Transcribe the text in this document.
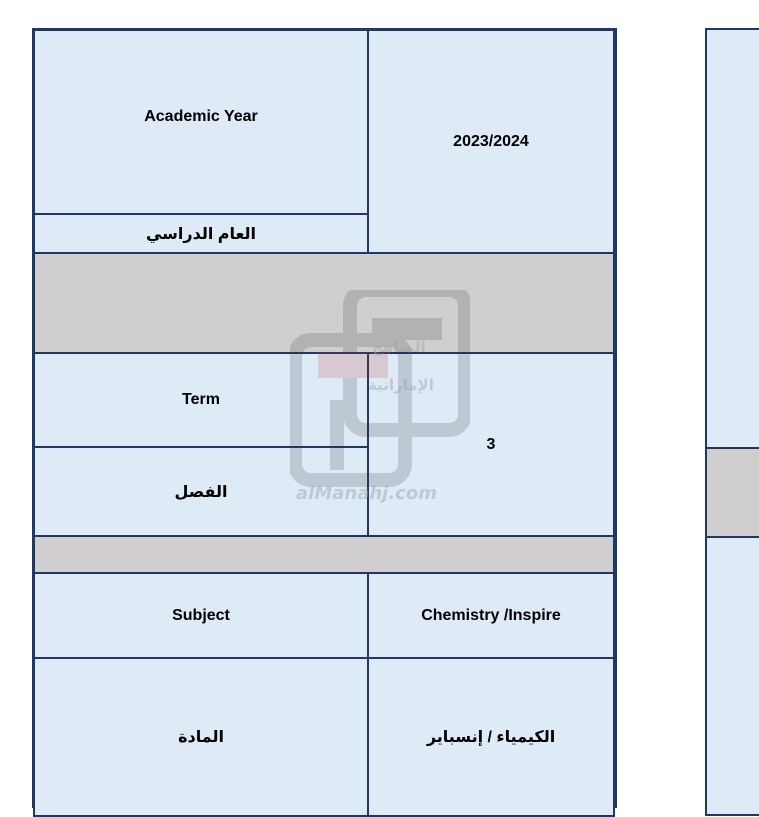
Academic Year
العام الدراسي
2023/2024
Term
الفصل
3
Subject	Chemistry /Inspire
المادة	الكيمياء / إنسباير
المناهج
الإماراتية
alManahj.com
